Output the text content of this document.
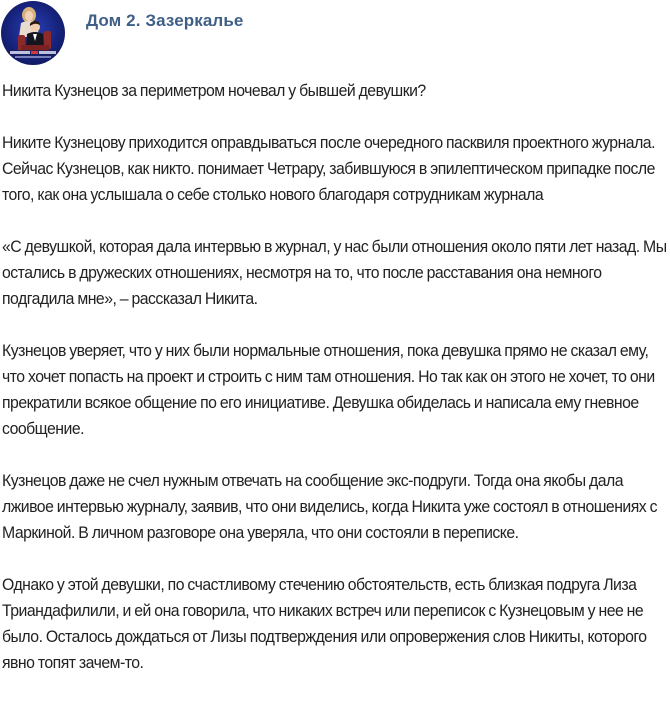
Дом 2. Зазеркалье

Никита Кузнецов за периметром ночевал у бывшей девушки?

Никите Кузнецову приходится оправдываться после очередного пасквиля проектного журнала. Сейчас Кузнецов, как никто. понимает Четрару, забившуюся в эпилептическом припадке после того, как она услышала о себе столько нового благодаря сотрудникам журнала

«С девушкой, которая дала интервью в журнал, у нас были отношения около пяти лет назад. Мы остались в дружеских отношениях, несмотря на то, что после расставания она немного подгадила мне», – рассказал Никита.

Кузнецов уверяет, что у них были нормальные отношения, пока девушка прямо не сказал ему, что хочет попасть на проект и строить с ним там отношения. Но так как он этого не хочет, то они прекратили всякое общение по его инициативе. Девушка обиделась и написала ему гневное сообщение.

Кузнецов даже не счел нужным отвечать на сообщение экс-подруги. Тогда она якобы дала лживое интервью журналу, заявив, что они виделись, когда Никита уже состоял в отношениях с Маркиной. В личном разговоре она уверяла, что они состояли в переписке.

Однако у этой девушки, по счастливому стечению обстоятельств, есть близкая подруга Лиза Триандафилили, и ей она говорила, что никаких встреч или переписок с Кузнецовым у нее не было. Осталось дождаться от Лизы подтверждения или опровержения слов Никиты, которого явно топят зачем-то.
